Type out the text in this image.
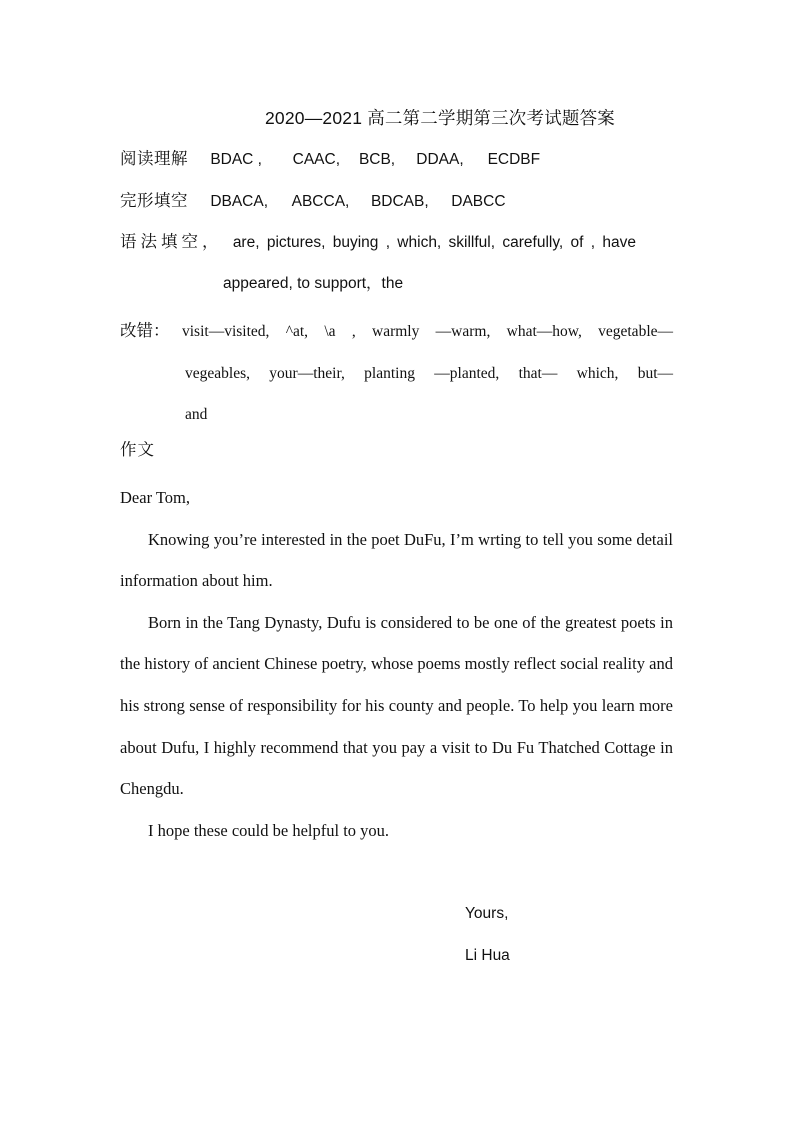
2020—2021 高二第二学期第三次考试题答案
阅读理解 BDAC , CAAC, BCB, DDAA, ECDBF
完形填空 DBACA, ABCCA, BDCAB, DABCC
语法填空， are, pictures, buying , which, skillful, carefully, of , have
appeared, to support，the
改错： visit—visited, ^at, \a , warmly —warm, what—how, vegetable—
vegeables, your—their, planting —planted, that— which, but—
and
作文

Dear Tom,

Knowing you’re interested in the poet DuFu, I’m wrting to tell you some detail information about him.

Born in the Tang Dynasty, Dufu is considered to be one of the greatest poets in the history of ancient Chinese poetry, whose poems mostly reflect social reality and his strong sense of responsibility for his county and people. To help you learn more about Dufu, I highly recommend that you pay a visit to Du Fu Thatched Cottage in Chengdu.

I hope these could be helpful to you.

Yours,
Li Hua
